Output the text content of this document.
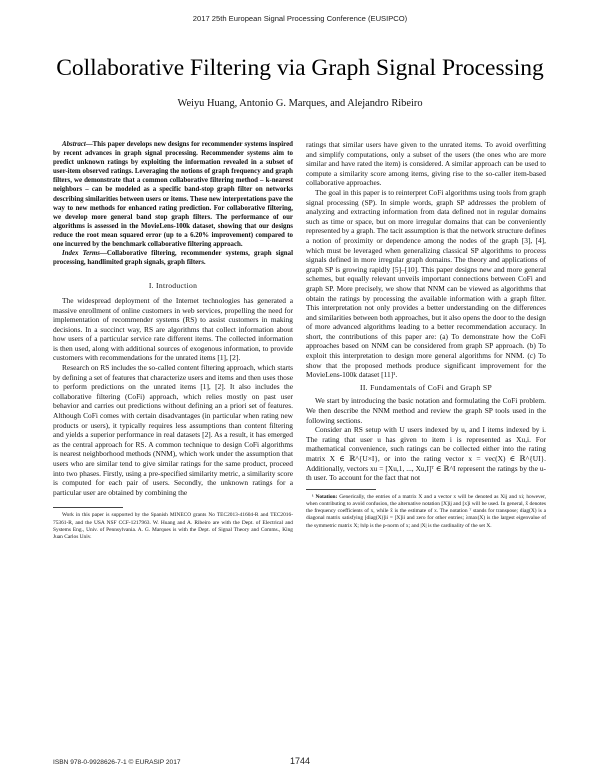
2017 25th European Signal Processing Conference (EUSIPCO)
Collaborative Filtering via Graph Signal Processing
Weiyu Huang, Antonio G. Marques, and Alejandro Ribeiro

Abstract—This paper develops new designs for recommender systems inspired by recent advances in graph signal processing. Recommender systems aim to predict unknown ratings by exploiting the information revealed in a subset of user-item observed ratings. Leveraging the notions of graph frequency and graph filters, we demonstrate that a common collaborative filtering method – k-nearest neighbors – can be modeled as a specific band-stop graph filter on networks describing similarities between users or items. These new interpretations pave the way to new methods for enhanced rating prediction. For collaborative filtering, we develop more general band stop graph filters. The performance of our algorithms is assessed in the MovieLens-100k dataset, showing that our designs reduce the root mean squared error (up to a 6.20% improvement) compared to one incurred by the benchmark collaborative filtering approach.

Index Terms—Collaborative filtering, recommender systems, graph signal processing, handlimited graph signals, graph filters.

I. Introduction

The widespread deployment of the Internet technologies has generated a massive enrollment of online customers in web services, propelling the need for implementation of recommender systems (RS) to assist customers in making decisions. In a succinct way, RS are algorithms that collect information about how users of a particular service rate different items. The collected information is then used, along with additional sources of exogenous information, to provide customers with recommendations for the unrated items [1], [2].

Research on RS includes the so-called content filtering approach, which starts by defining a set of features that characterize users and items and then uses those to perform predictions on the unrated items [1], [2]. It also includes the collaborative filtering (CoFi) approach, which relies mostly on past user behavior and carries out predictions without defining an a priori set of features. Although CoFi comes with certain disadvantages (in particular when rating new products or users), it typically requires less assumptions than content filtering and yields a superior performance in real datasets [2]. As a result, it has emerged as the central approach for RS. A common technique to design CoFi algorithms is nearest neighborhood methods (NNM), which work under the assumption that users who are similar tend to give similar ratings for the same product, proceed into two phases. Firstly, using a pre-specified similarity metric, a similarity score is computed for each pair of users. Secondly, the unknown ratings for a particular user are obtained by combining the

Work in this paper is supported by the Spanish MINECO grants No TEC2013-41604-R and TEC2016-75361-R, and the USA NSF CCF-1217963. W. Huang and A. Ribeiro are with the Dept. of Electrical and Systems Eng., Univ. of Pennsylvania. A. G. Marques is with the Dept. of Signal Theory and Comms., King Juan Carlos Univ.

ratings that similar users have given to the unrated items. To avoid overfitting and simplify computations, only a subset of the users (the ones who are more similar and have rated the item) is considered. A similar approach can be used to compute a similarity score among items, giving rise to the so-caller item-based collaborative approaches.

The goal in this paper is to reinterpret CoFi algorithms using tools from graph signal processing (SP). In simple words, graph SP addresses the problem of analyzing and extracting information from data defined not in regular domains such as time or space, but on more irregular domains that can be conveniently represented by a graph. The tacit assumption is that the network structure defines a notion of proximity or dependence among the nodes of the graph [3], [4], which must be leveraged when generalizing classical SP algorithms to process signals defined in more irregular graph domains. The theory and applications of graph SP is growing rapidly [5]–[10]. This paper designs new and more general schemes, but equally relevant unveils important connections between CoFi and graph SP. More precisely, we show that NNM can be viewed as algorithms that obtain the ratings by processing the available information with a graph filter. This interpretation not only provides a better understanding on the differences and similarities between both approaches, but it also opens the door to the design of more advanced algorithms leading to a better recommendation accuracy. In short, the contributions of this paper are: (a) To demonstrate how the CoFi approaches based on NNM can be considered from graph SP approach. (b) To exploit this interpretation to design more general algorithms for NNM. (c) To show that the proposed methods produce significant improvement for the MovieLens-100k dataset [11]¹.

II. Fundamentals of CoFi and Graph SP

We start by introducing the basic notation and formulating the CoFi problem. We then describe the NNM method and review the graph SP tools used in the following sections.

Consider an RS setup with U users indexed by u, and I items indexed by i. The rating that user u has given to item i is represented as Xu,i. For mathematical convenience, such ratings can be collected either into the rating matrix X ∈ ℝ^{U×I}, or into the rating vector x = vec(X) ∈ ℝ^{UI}. Additionally, vectors xu = [Xu,1, ..., Xu,I]ᵀ ∈ ℝ^I represent the ratings by the u-th user. To account for the fact that not

¹ Notation: Generically, the entries of a matrix X and a vector x will be denoted as Xij and xi; however, when contributing to avoid confusion, the alternative notation [X]ij and [x]i will be used. In general, x̂ denotes the frequency coefficients of x, while x̃ is the estimate of x. The notation ᵀ stands for transpose; diag(X) is a diagonal matrix satisfying [diag(X)]ii = [X]ii and zero for other entries; λmax(X) is the largest eigenvalue of the symmetric matrix X; ‖x‖p is the p-norm of x; and |X| is the cardinality of the set X.

ISBN 978-0-9928626-7-1 © EURASIP 2017	1744
